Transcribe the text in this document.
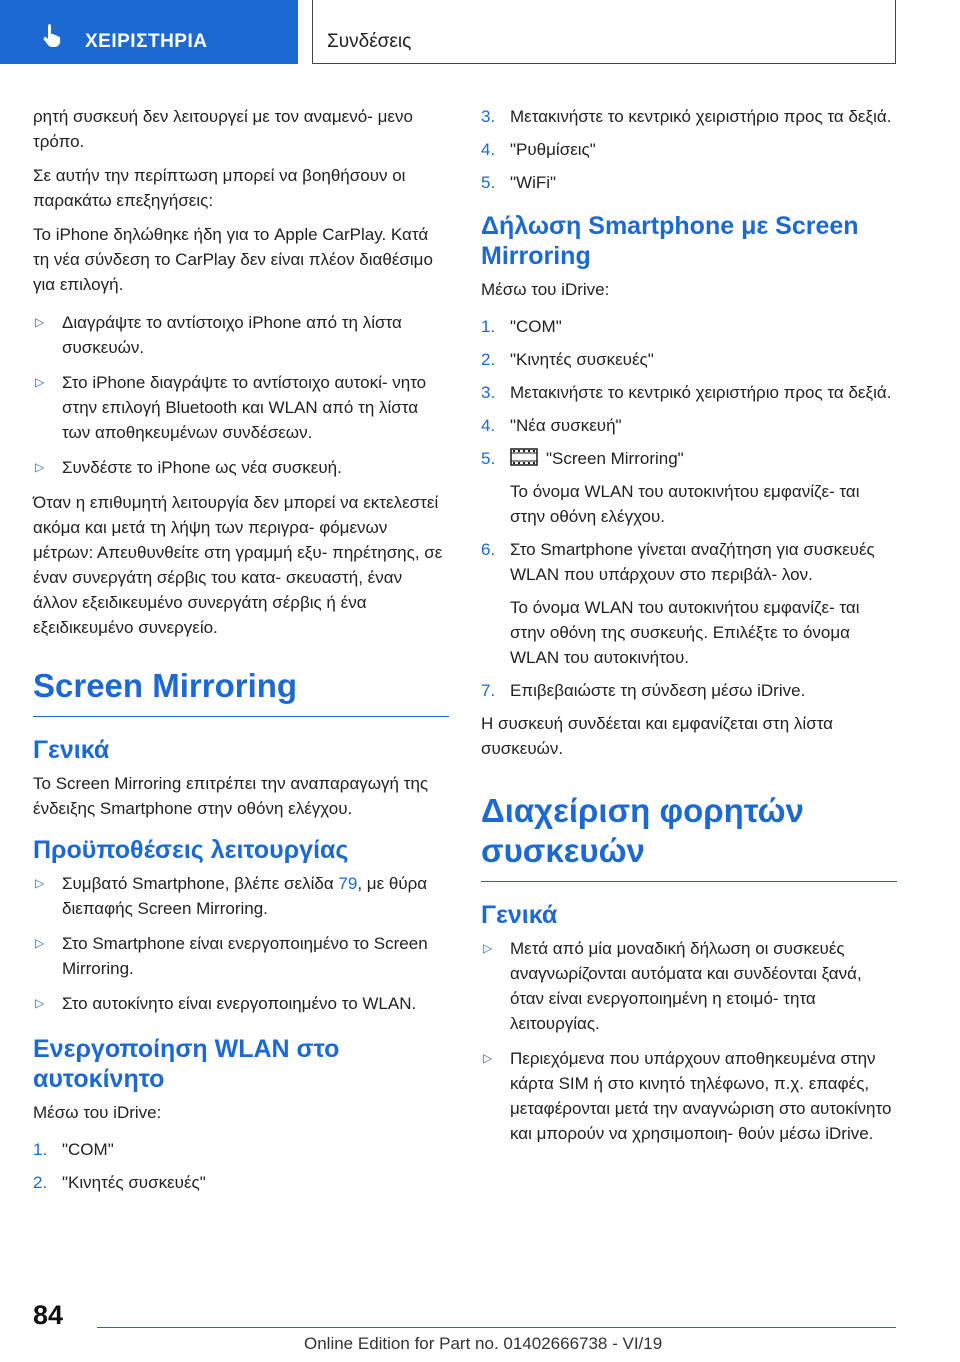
ΧΕΙΡΙΣΤΗΡΙΑ	Συνδέσεις

ρητή συσκευή δεν λειτουργεί με τον αναμενό- μενο τρόπο.

Σε αυτήν την περίπτωση μπορεί να βοηθήσουν οι παρακάτω επεξηγήσεις:

Το iPhone δηλώθηκε ήδη για το Apple CarPlay. Κατά τη νέα σύνδεση το CarPlay δεν είναι πλέον διαθέσιμο για επιλογή.

▷ Διαγράψτε το αντίστοιχο iPhone από τη λίστα συσκευών.
▷ Στο iPhone διαγράψτε το αντίστοιχο αυτοκί- νητο στην επιλογή Bluetooth και WLAN από τη λίστα των αποθηκευμένων συνδέσεων.
▷ Συνδέστε το iPhone ως νέα συσκευή.

Όταν η επιθυμητή λειτουργία δεν μπορεί να εκτελεστεί ακόμα και μετά τη λήψη των περιγρα- φόμενων μέτρων: Απευθυνθείτε στη γραμμή εξυ- πηρέτησης, σε έναν συνεργάτη σέρβις του κατα- σκευαστή, έναν άλλον εξειδικευμένο συνεργάτη σέρβις ή ένα εξειδικευμένο συνεργείο.

Screen Mirroring
Γενικά

Το Screen Mirroring επιτρέπει την αναπαραγωγή της ένδειξης Smartphone στην οθόνη ελέγχου.

Προϋποθέσεις λειτουργίας
▷ Συμβατό Smartphone, βλέπε σελίδα 79, με θύρα διεπαφής Screen Mirroring.
▷ Στο Smartphone είναι ενεργοποιημένο το Screen Mirroring.
▷ Στο αυτοκίνητο είναι ενεργοποιημένο το WLAN.
Ενεργοποίηση WLAN στο αυτοκίνητο

Μέσω του iDrive:

1. "COM"
2. "Κινητές συσκευές"
3. Μετακινήστε το κεντρικό χειριστήριο προς τα δεξιά.
4. "Ρυθμίσεις"
5. "WiFi"
Δήλωση Smartphone με Screen Mirroring

Μέσω του iDrive:

1. "COM"
2. "Κινητές συσκευές"
3. Μετακινήστε το κεντρικό χειριστήριο προς τα δεξιά.
4. "Νέα συσκευή"
5.	"Screen Mirroring"
Το όνομα WLAN του αυτοκινήτου εμφανίζε- ται στην οθόνη ελέγχου.
6. Στο Smartphone γίνεται αναζήτηση για συσκευές WLAN που υπάρχουν στο περιβάλ- λον.
Το όνομα WLAN του αυτοκινήτου εμφανίζε- ται στην οθόνη της συσκευής. Επιλέξτε το όνομα WLAN του αυτοκινήτου.
7. Επιβεβαιώστε τη σύνδεση μέσω iDrive.

Η συσκευή συνδέεται και εμφανίζεται στη λίστα συσκευών.

Διαχείριση φορητών συσκευών
Γενικά
▷ Μετά από μία μοναδική δήλωση οι συσκευές αναγνωρίζονται αυτόματα και συνδέονται ξανά, όταν είναι ενεργοποιημένη η ετοιμό- τητα λειτουργίας.
▷ Περιεχόμενα που υπάρχουν αποθηκευμένα στην κάρτα SIM ή στο κινητό τηλέφωνο, π.χ. επαφές, μεταφέρονται μετά την αναγνώριση στο αυτοκίνητο και μπορούν να χρησιμοποιη- θούν μέσω iDrive.
84
Online Edition for Part no. 01402666738 - VI/19
